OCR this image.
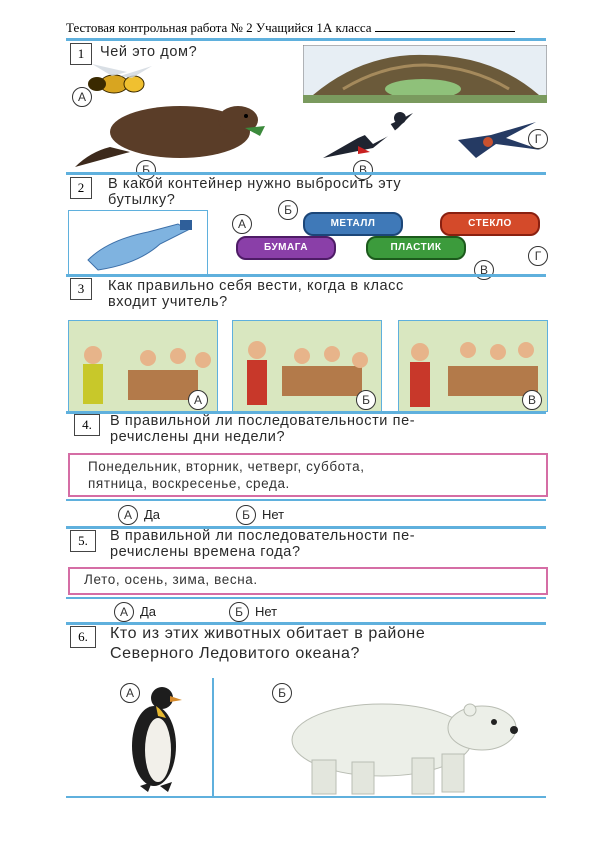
Тестовая контрольная работа № 2 Учащийся 1А класса
1	Чей это дом?
А
Б	В
Г
2	В какой контейнер нужно выбросить эту
бутылку?
МЕТАЛЛ	СТЕКЛО
БУМАГА	ПЛАСТИК
А
Б
В
Г
3	Как правильно себя вести, когда в класс
входит учитель?
А	Б	В
4.	В правильной ли последовательности пе-
речислены дни недели?
Понедельник, вторник, четверг, суббота,
пятница, воскресенье, среда.
А Да	Б Нет
5.	В правильной ли последовательности пе-
речислены времена года?
Лето, осень, зима, весна.
А Да	Б Нет
6.	Кто из этих животных обитает в районе
Северного Ледовитого океана?
А	Б
